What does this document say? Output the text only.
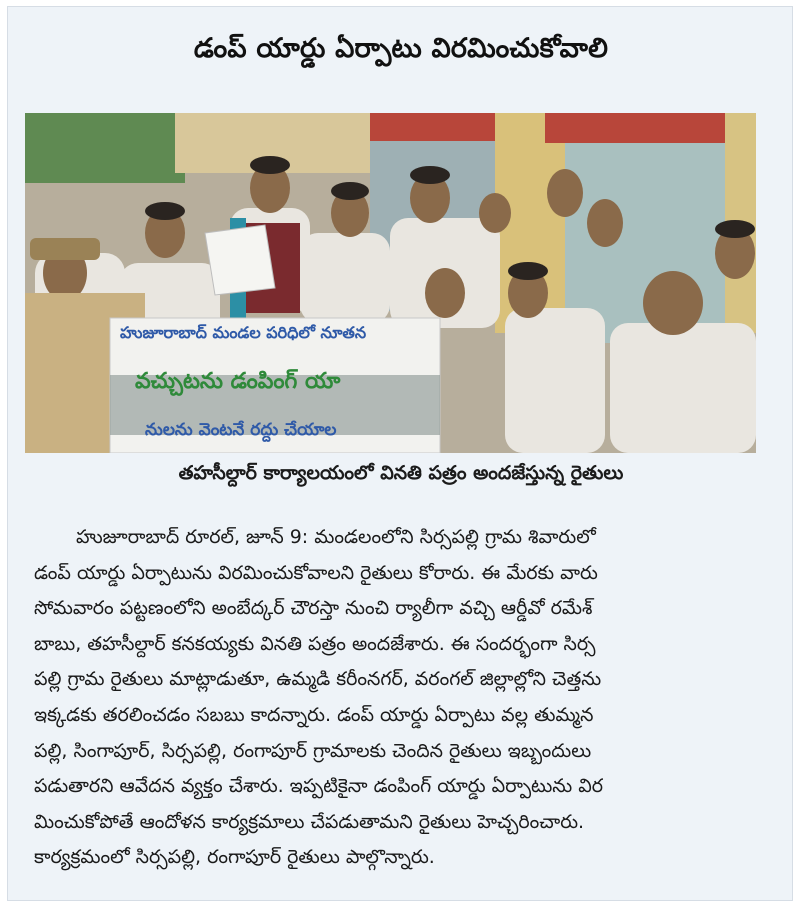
డంప్ యార్డు ఏర్పాటు విరమించుకోవాలి
హుజూరాబాద్ మండల పరిధిలో నూతన
వచ్చుటను డంపింగ్ యా
నులను వెంటనే రద్దు చేయాల
తహసీల్దార్ కార్యాలయంలో వినతి పత్రం అందజేస్తున్న రైతులు
హుజూరాబాద్ రూరల్, జూన్ 9: మండలంలోని సిర్సపల్లి గ్రామ శివారులో
డంప్ యార్డు ఏర్పాటును విరమించుకోవాలని రైతులు కోరారు. ఈ మేరకు వారు
సోమవారం పట్టణంలోని అంబేద్కర్ చౌరస్తా నుంచి ర్యాలీగా వచ్చి ఆర్డీవో రమేశ్
బాబు, తహసీల్దార్ కనకయ్యకు వినతి పత్రం అందజేశారు. ఈ సందర్భంగా సిర్స
పల్లి గ్రామ రైతులు మాట్లాడుతూ, ఉమ్మడి కరీంనగర్, వరంగల్ జిల్లాల్లోని చెత్తను
ఇక్కడకు తరలించడం సబబు కాదన్నారు. డంప్ యార్డు ఏర్పాటు వల్ల తుమ్మన
పల్లి, సింగాపూర్, సిర్సపల్లి, రంగాపూర్ గ్రామాలకు చెందిన రైతులు ఇబ్బందులు
పడుతారని ఆవేదన వ్యక్తం చేశారు. ఇప్పటికైనా డంపింగ్ యార్డు ఏర్పాటును విర
మించుకోపోతే ఆందోళన కార్యక్రమాలు చేపడుతామని రైతులు హెచ్చరించారు.
కార్యక్రమంలో సిర్సపల్లి, రంగాపూర్ రైతులు పాల్గొన్నారు.
